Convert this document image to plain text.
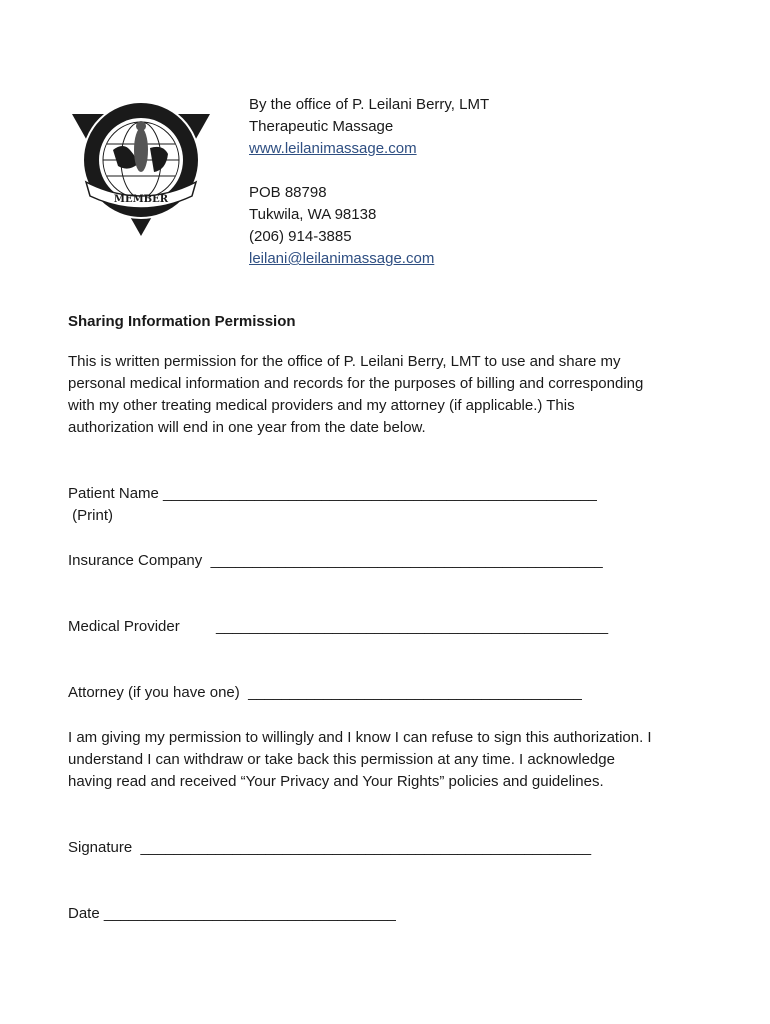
MEMBER
By the office of P. Leilani Berry, LMT
Therapeutic Massage
www.leilanimassage.com
POB 88798
Tukwila, WA 98138
(206) 914-3885
leilani@leilanimassage.com
Sharing Information Permission
This is written permission for the office of P. Leilani Berry, LMT to use and share my
personal medical information and records for the purposes of billing and corresponding
with my other treating medical providers and my attorney (if applicable.) This
authorization will end in one year from the date below.
Patient Name ____________________________________________________
(Print)
Insurance Company  _______________________________________________
Medical Provider _______________________________________________
Attorney (if you have one)  ________________________________________
I am giving my permission to willingly and I know I can refuse to sign this authorization. I
understand I can withdraw or take back this permission at any time. I acknowledge
having read and received “Your Privacy and Your Rights” policies and guidelines.
Signature  ______________________________________________________
Date ___________________________________
